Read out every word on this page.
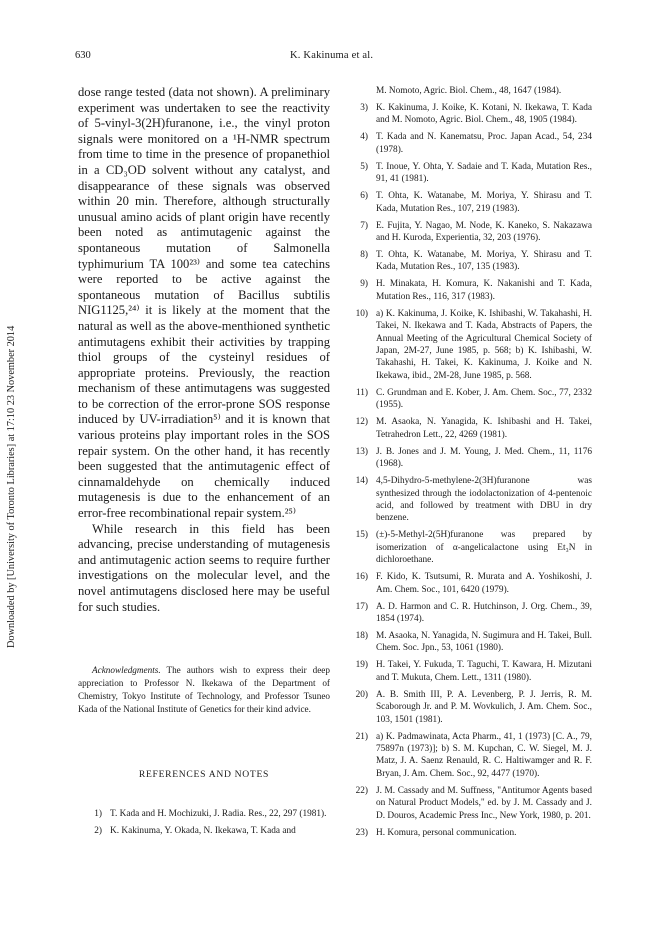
Downloaded by [University of Toronto Libraries] at 17:10 23 November 2014
630	K. Kakinuma et al.

dose range tested (data not shown). A preliminary experiment was undertaken to see the reactivity of 5-vinyl-3(2H)furanone, i.e., the vinyl proton signals were monitored on a ¹H-NMR spectrum from time to time in the presence of propanethiol in a CD₃OD solvent without any catalyst, and disappearance of these signals was observed within 20 min. Therefore, although structurally unusual amino acids of plant origin have recently been noted as antimutagenic against the spontaneous mutation of Salmonella typhimurium TA 100²³⁾ and some tea catechins were reported to be active against the spontaneous mutation of Bacillus subtilis NIG1125,²⁴⁾ it is likely at the moment that the natural as well as the above-menthioned synthetic antimutagens exhibit their activities by trapping thiol groups of the cysteinyl residues of appropriate proteins. Previously, the reaction mechanism of these antimutagens was suggested to be correction of the error-prone SOS response induced by UV-irradiation⁵⁾ and it is known that various proteins play important roles in the SOS repair system. On the other hand, it has recently been suggested that the antimutagenic effect of cinnamaldehyde on chemically induced mutagenesis is due to the enhancement of an error-free recombinational repair system.²⁵⁾

While research in this field has been advancing, precise understanding of mutagenesis and antimutagenic action seems to require further investigations on the molecular level, and the novel antimutagens disclosed here may be useful for such studies.

Acknowledgments. The authors wish to express their deep appreciation to Professor N. Ikekawa of the Department of Chemistry, Tokyo Institute of Technology, and Professor Tsuneo Kada of the National Institute of Genetics for their kind advice.
REFERENCES AND NOTES
1) T. Kada and H. Mochizuki, J. Radia. Res., 22, 297 (1981).
2) K. Kakinuma, Y. Okada, N. Ikekawa, T. Kada and
M. Nomoto, Agric. Biol. Chem., 48, 1647 (1984).
3) K. Kakinuma, J. Koike, K. Kotani, N. Ikekawa, T. Kada and M. Nomoto, Agric. Biol. Chem., 48, 1905 (1984).
4) T. Kada and N. Kanematsu, Proc. Japan Acad., 54, 234 (1978).
5) T. Inoue, Y. Ohta, Y. Sadaie and T. Kada, Mutation Res., 91, 41 (1981).
6) T. Ohta, K. Watanabe, M. Moriya, Y. Shirasu and T. Kada, Mutation Res., 107, 219 (1983).
7) E. Fujita, Y. Nagao, M. Node, K. Kaneko, S. Nakazawa and H. Kuroda, Experientia, 32, 203 (1976).
8) T. Ohta, K. Watanabe, M. Moriya, Y. Shirasu and T. Kada, Mutation Res., 107, 135 (1983).
9) H. Minakata, H. Komura, K. Nakanishi and T. Kada, Mutation Res., 116, 317 (1983).
10) a) K. Kakinuma, J. Koike, K. Ishibashi, W. Takahashi, H. Takei, N. Ikekawa and T. Kada, Abstracts of Papers, the Annual Meeting of the Agricultural Chemical Society of Japan, 2M-27, June 1985, p. 568; b) K. Ishibashi, W. Takahashi, H. Takei, K. Kakinuma, J. Koike and N. Ikekawa, ibid., 2M-28, June 1985, p. 568.
11) C. Grundman and E. Kober, J. Am. Chem. Soc., 77, 2332 (1955).
12) M. Asaoka, N. Yanagida, K. Ishibashi and H. Takei, Tetrahedron Lett., 22, 4269 (1981).
13) J. B. Jones and J. M. Young, J. Med. Chem., 11, 1176 (1968).
14) 4,5-Dihydro-5-methylene-2(3H)furanone was synthesized through the iodolactonization of 4-pentenoic acid, and followed by treatment with DBU in dry benzene.
15) (±)-5-Methyl-2(5H)furanone was prepared by isomerization of α-angelicalactone using Et₃N in dichloroethane.
16) F. Kido, K. Tsutsumi, R. Murata and A. Yoshikoshi, J. Am. Chem. Soc., 101, 6420 (1979).
17) A. D. Harmon and C. R. Hutchinson, J. Org. Chem., 39, 1854 (1974).
18) M. Asaoka, N. Yanagida, N. Sugimura and H. Takei, Bull. Chem. Soc. Jpn., 53, 1061 (1980).
19) H. Takei, Y. Fukuda, T. Taguchi, T. Kawara, H. Mizutani and T. Mukuta, Chem. Lett., 1311 (1980).
20) A. B. Smith III, P. A. Levenberg, P. J. Jerris, R. M. Scaborough Jr. and P. M. Wovkulich, J. Am. Chem. Soc., 103, 1501 (1981).
21) a) K. Padmawinata, Acta Pharm., 41, 1 (1973) [C. A., 79, 75897n (1973)]; b) S. M. Kupchan, C. W. Siegel, M. J. Matz, J. A. Saenz Renauld, R. C. Haltiwamger and R. F. Bryan, J. Am. Chem. Soc., 92, 4477 (1970).
22) J. M. Cassady and M. Suffness, "Antitumor Agents based on Natural Product Models," ed. by J. M. Cassady and J. D. Douros, Academic Press Inc., New York, 1980, p. 201.
23) H. Komura, personal communication.
